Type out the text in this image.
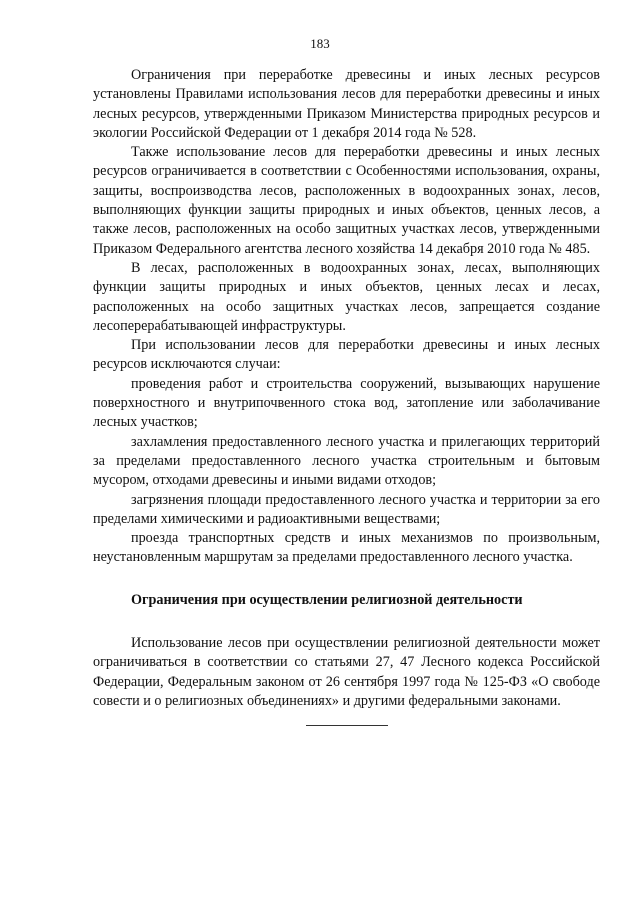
183

Ограничения при переработке древесины и иных лесных ресурсов установлены Правилами использования лесов для переработки древесины и иных лесных ресурсов, утвержденными Приказом Министерства природных ресурсов и экологии Российской Федерации от 1 декабря 2014 года № 528.

Также использование лесов для переработки древесины и иных лесных ресурсов ограничивается в соответствии с Особенностями использования, охраны, защиты, воспроизводства лесов, расположенных в водоохранных зонах, лесов, выполняющих функции защиты природных и иных объектов, ценных лесов, а также лесов, расположенных на особо защитных участках лесов, утвержденными Приказом Федерального агентства лесного хозяйства 14 декабря 2010 года № 485.

В лесах, расположенных в водоохранных зонах, лесах, выполняющих функции защиты природных и иных объектов, ценных лесах и лесах, расположенных на особо защитных участках лесов, запрещается создание лесоперерабатывающей инфраструктуры.

При использовании лесов для переработки древесины и иных лесных ресурсов исключаются случаи:

проведения работ и строительства сооружений, вызывающих нарушение поверхностного и внутрипочвенного стока вод, затопление или заболачивание лесных участков;

захламления предоставленного лесного участка и прилегающих территорий за пределами предоставленного лесного участка строительным и бытовым мусором, отходами древесины и иными видами отходов;

загрязнения площади предоставленного лесного участка и территории за его пределами химическими и радиоактивными веществами;

проезда транспортных средств и иных механизмов по произвольным, неустановленным маршрутам за пределами предоставленного леcного участка.

Ограничения при осуществлении религиозной деятельности

Использование лесов при осуществлении религиозной деятельности может ограничиваться в соответствии со статьями 27, 47 Лесного кодекса Российской Федерации, Федеральным законом от 26 сентября 1997 года № 125-ФЗ «О свободе совести и о религиозных объединениях» и другими федеральными законами.
